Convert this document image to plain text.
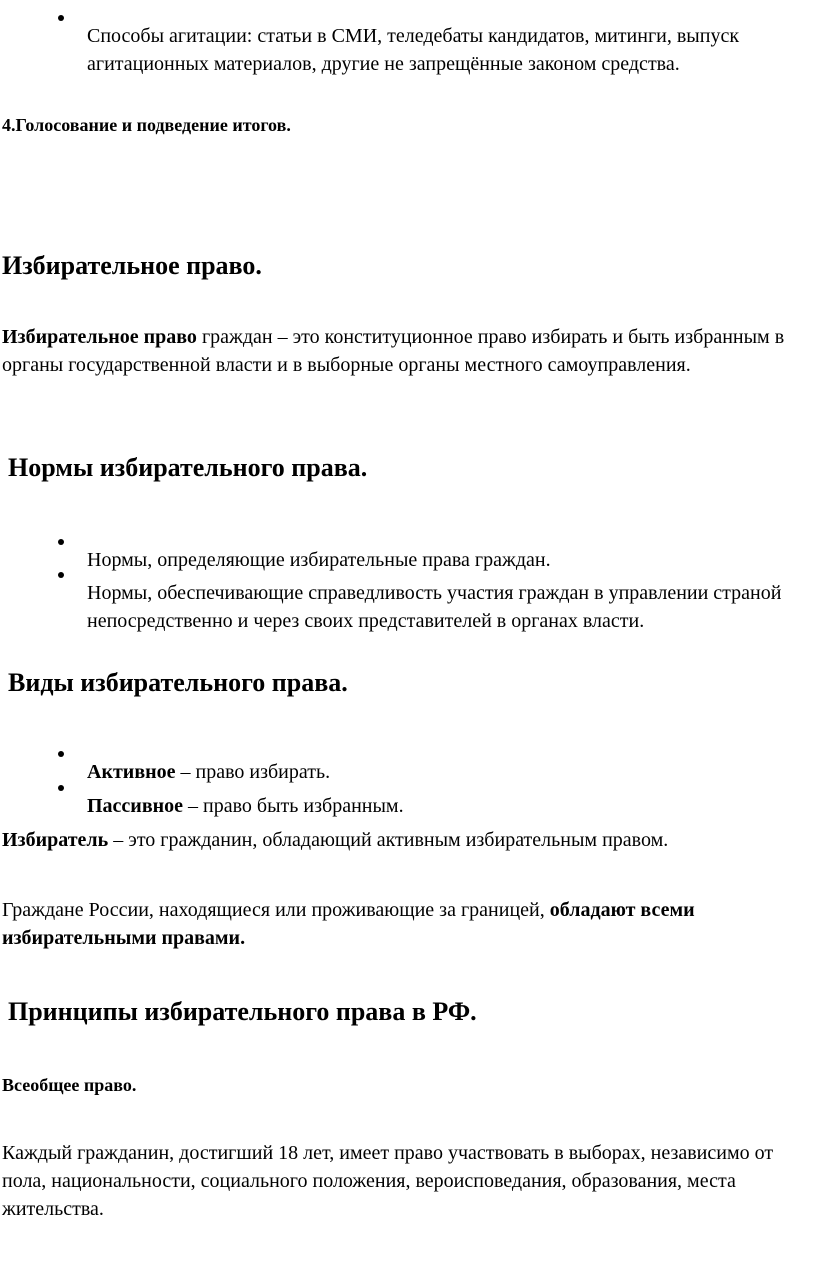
Способы агитации: статьи в СМИ, теледебаты кандидатов, митинги, выпуск агитационных материалов, другие не запрещённые законом средства.

4.Голосование и подведение итогов.

Избирательное право.

Избирательное право граждан – это конституционное право избирать и быть избранным в органы государственной власти и в выборные органы местного самоуправления.

Нормы избирательного права.

Нормы, определяющие избирательные права граждан.

Нормы, обеспечивающие справедливость участия граждан в управлении страной непосредственно и через своих представителей в органах власти.

Виды избирательного права.

Активное – право избирать.

Пассивное – право быть избранным.

Избиратель – это гражданин, обладающий активным избирательным правом.

Граждане России, находящиеся или проживающие за границей, обладают всеми избирательными правами.

Принципы избирательного права в РФ.

Всеобщее право.

Каждый гражданин, достигший 18 лет, имеет право участвовать в выборах, независимо от пола, национальности, социального положения, вероисповедания, образования, места жительства.
